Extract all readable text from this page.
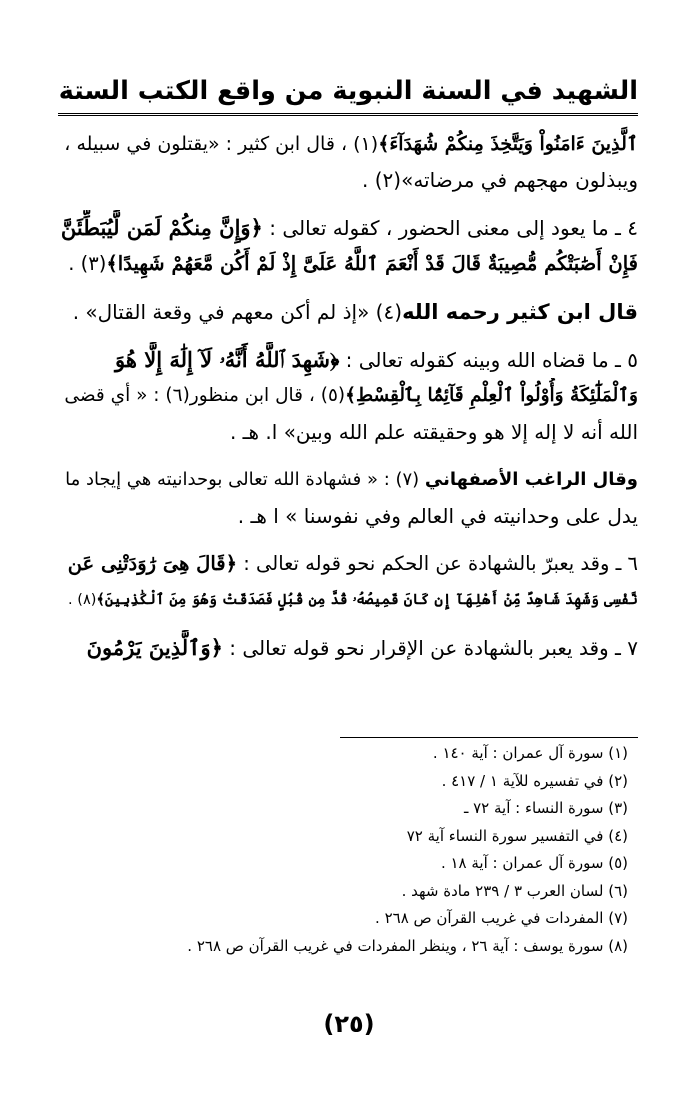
الشهيد في السنة النبوية من واقع الكتب الستة
ٱلَّذِينَ ءَامَنُواْ وَيَتَّخِذَ مِنكُمْ شُهَدَآءَ﴾(١) ، قال ابن كثير : «يقتلون في سبيله ،
ويبذلون مهجهم في مرضاته»(٢) .
٤ ـ ما يعود إلى معنى الحضور ، كقوله تعالى : ﴿وَإِنَّ مِنكُمْ لَمَن لَّيُبَطِّئَنَّ
فَإِنْ أَصَٰبَتْكُم مُّصِيبَةٌ قَالَ قَدْ أَنْعَمَ ٱللَّهُ عَلَىَّ إِذْ لَمْ أَكُن مَّعَهُمْ شَهِيدًا﴾(٣) .
قال ابن كثير رحمه الله(٤) «إذ لم أكن معهم في وقعة القتال» .
٥ ـ ما قضاه الله وبينه كقوله تعالى : ﴿شَهِدَ ٱللَّهُ أَنَّهُۥ لَآ إِلَٰهَ إِلَّا هُوَ
وَٱلْمَلَٰٓئِكَةُ وَأُوْلُواْ ٱلْعِلْمِ قَآئِمًۢا بِٱلْقِسْطِ﴾(٥) ، قال ابن منظور(٦) : « أي قضى
الله أنه لا إله إلا هو وحقيقته علم الله وبين» ا. هـ .
وقال الراغب الأصفهاني (٧) : « فشهادة الله تعالى بوحدانيته هي إيجاد ما
يدل على وحدانيته في العالم وفي نفوسنا » ا هـ .
٦ ـ وقد يعبرّ بالشهادة عن الحكم نحو قوله تعالى : ﴿قَالَ هِىَ رَٰوَدَتْنِى عَن
نَّفْسِى وَشَهِدَ شَاهِدٌ مِّنْ أَهْلِهَآ إِن كَانَ قَمِيصُهُۥ قُدَّ مِن قُبُلٍ فَصَدَقَتْ وَهُوَ مِنَ ٱلْكَٰذِبِينَ﴾(٨) .
٧ ـ وقد يعبر بالشهادة عن الإقرار نحو قوله تعالى : ﴿وَٱلَّذِينَ يَرْمُونَ
(١) سورة آل عمران : آية ١٤٠ .
(٢) في تفسيره للآية ١ / ٤١٧ .
(٣) سورة النساء : آية ٧٢ ـ
(٤) في التفسير سورة النساء آية ٧٢
(٥) سورة آل عمران : آية ١٨ .
(٦) لسان العرب ٣ / ٢٣٩ مادة شهد .
(٧) المفردات في غريب القرآن ص ٢٦٨ .
(٨) سورة يوسف : آية ٢٦ ، وينظر المفردات في غريب القرآن ص ٢٦٨ .
(٢٥)
